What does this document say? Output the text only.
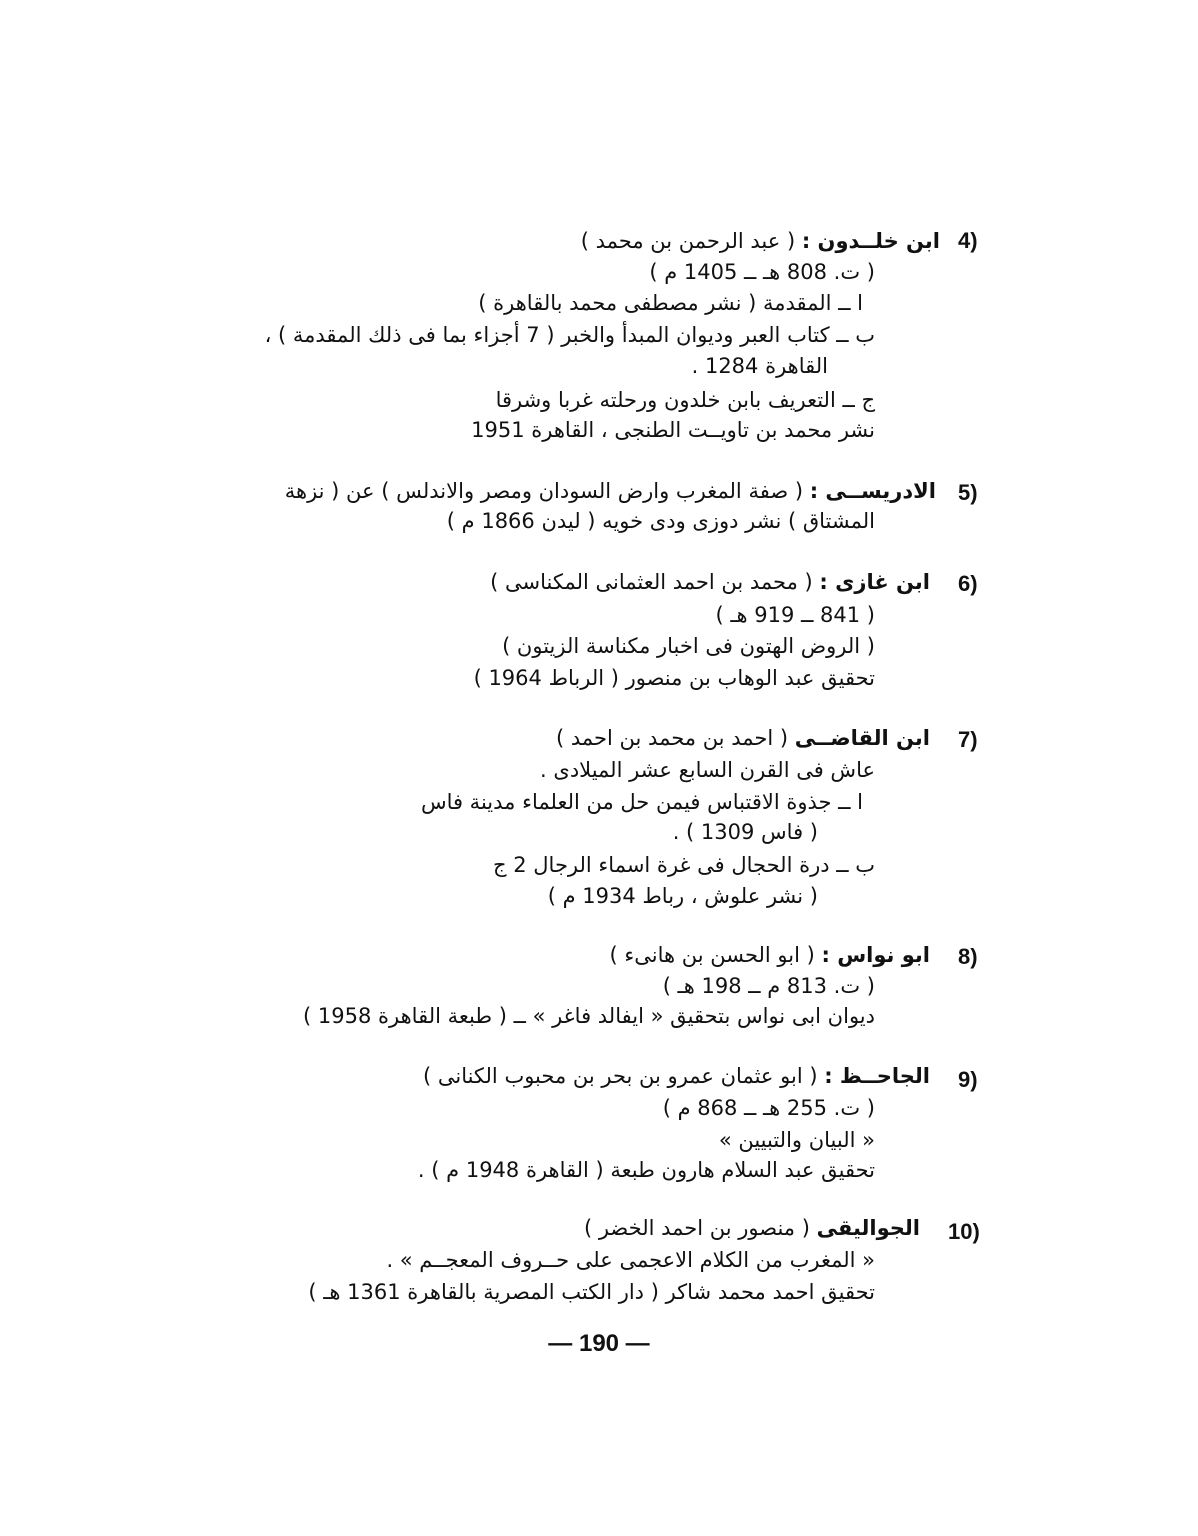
4)
ابن خلــدون : ( عبد الرحمن بن محمد )
( ت. 808 هـ ــ 1405 م )
ا ــ المقدمة ( نشر مصطفى محمد بالقاهرة )
ب ــ كتاب العبر وديوان المبدأ والخبر ( 7 أجزاء بما فى ذلك المقدمة ) ،
القاهرة 1284 .
ج ــ التعريف بابن خلدون ورحلته غربا وشرقا
نشر محمد بن تاويــت الطنجى ، القاهرة 1951
5)
الادريســى : ( صفة المغرب وارض السودان ومصر والاندلس ) عن ( نزهة
المشتاق ) نشر دوزى ودى خويه ( ليدن 1866 م )
6)
ابن غازى : ( محمد بن احمد العثمانى المكناسى )
( 841 ــ 919 هـ )
( الروض الهتون فى اخبار مكناسة الزيتون )
تحقيق عبد الوهاب بن منصور ( الرباط 1964 )
7)
ابن القاضــى ( احمد بن محمد بن احمد )
عاش فى القرن السابع عشر الميلادى .
ا ــ جذوة الاقتباس فيمن حل من العلماء مدينة فاس
( فاس 1309 ) .
ب ــ درة الحجال فى غرة اسماء الرجال 2 ج
( نشر علوش ، رباط 1934 م )
8)
ابو نواس : ( ابو الحسن بن هانىء )
( ت. 813 م ــ 198 هـ )
ديوان ابى نواس بتحقيق « ايفالد فاغر » ــ ( طبعة القاهرة 1958 )
9)
الجاحــظ : ( ابو عثمان عمرو بن بحر بن محبوب الكنانى )
( ت. 255 هـ ــ 868 م )
« البيان والتبيين »
تحقيق عبد السلام هارون طبعة ( القاهرة 1948 م ) .
10)
الجواليقى ( منصور بن احمد الخضر )
« المغرب من الكلام الاعجمى على حــروف المعجــم » .
تحقيق احمد محمد شاكر ( دار الكتب المصرية بالقاهرة 1361 هـ )
— 190 —
